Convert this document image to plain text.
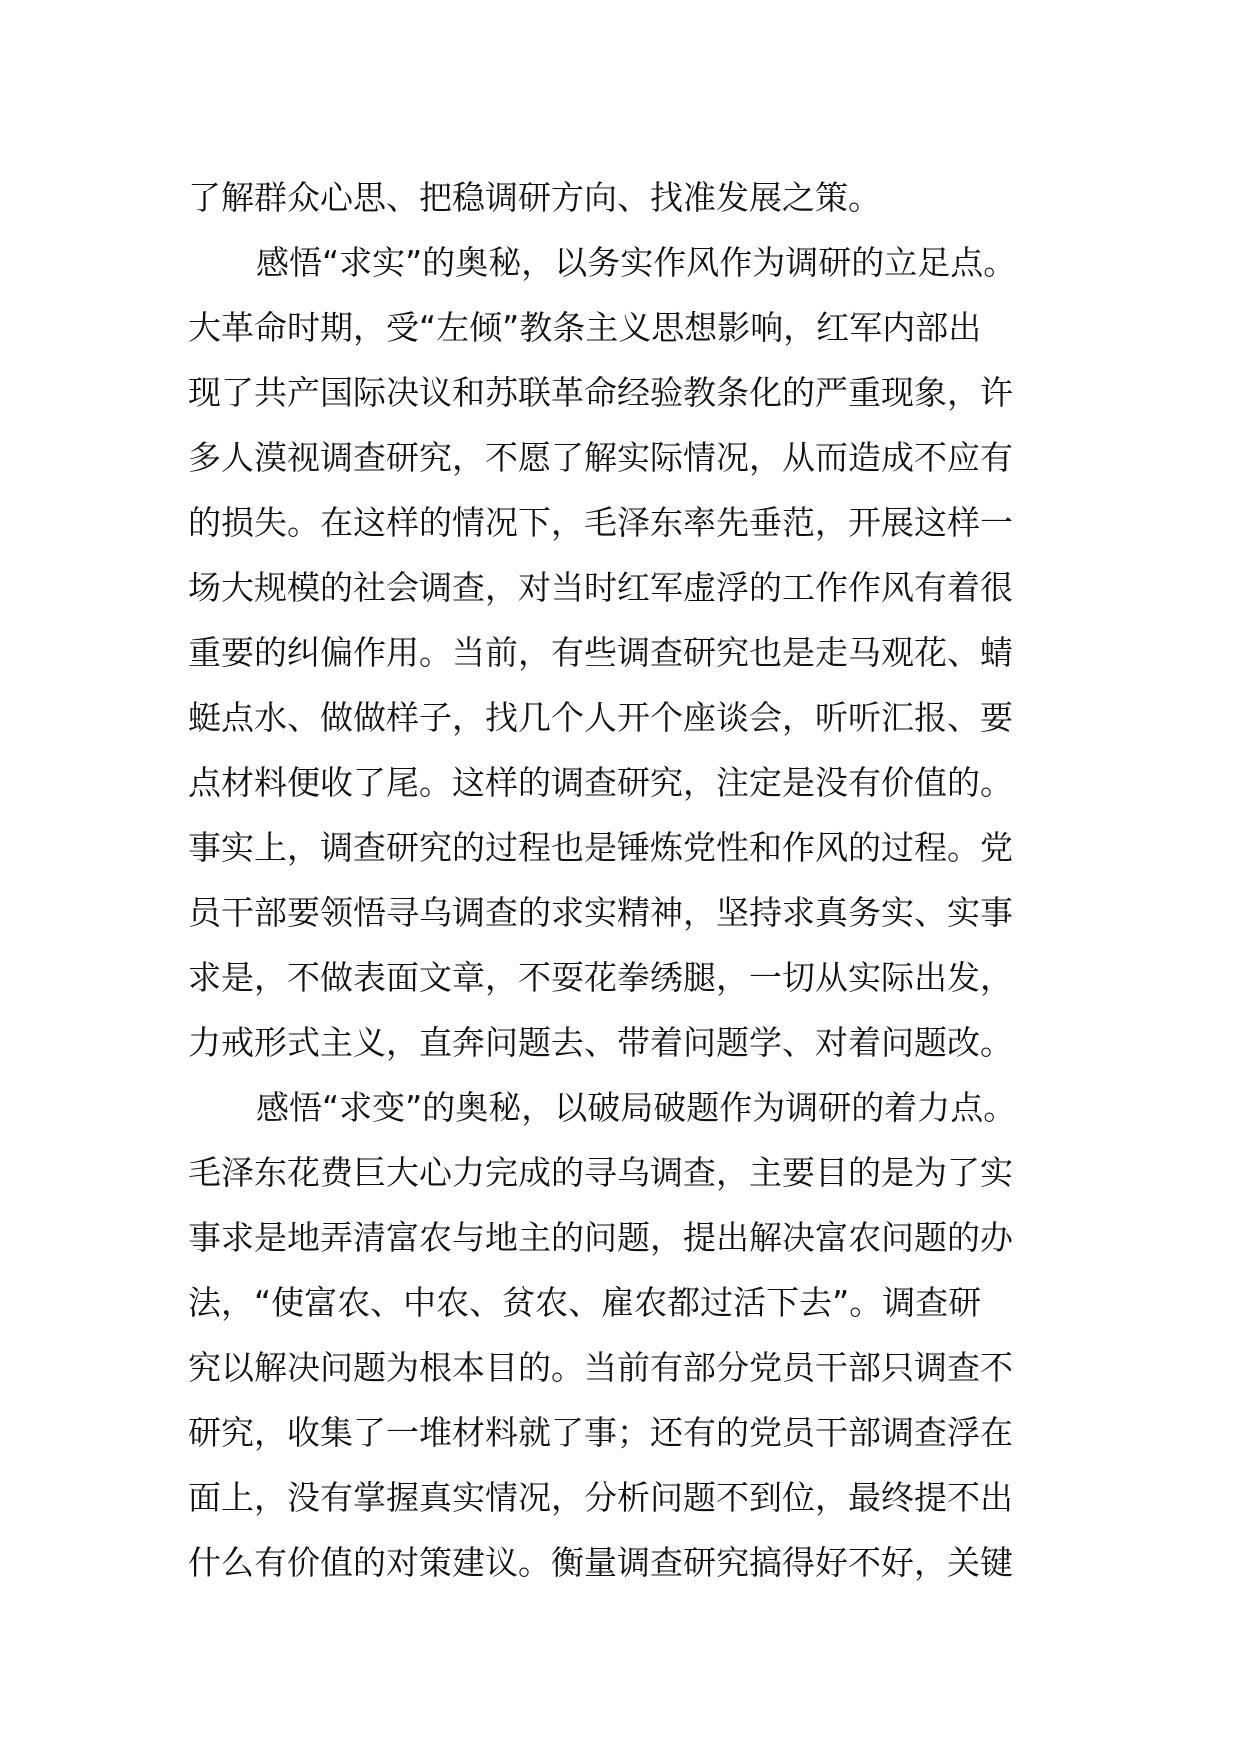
了解群众心思、把稳调研方向、找准发展之策。
感悟“求实”的奥秘，以务实作风作为调研的立足点。
大革命时期，受“左倾”教条主义思想影响，红军内部出
现了共产国际决议和苏联革命经验教条化的严重现象，许
多人漠视调查研究，不愿了解实际情况，从而造成不应有
的损失。在这样的情况下，毛泽东率先垂范，开展这样一
场大规模的社会调查，对当时红军虚浮的工作作风有着很
重要的纠偏作用。当前，有些调查研究也是走马观花、蜻
蜓点水、做做样子，找几个人开个座谈会，听听汇报、要
点材料便收了尾。这样的调查研究，注定是没有价值的。
事实上，调查研究的过程也是锤炼党性和作风的过程。党
员干部要领悟寻乌调查的求实精神，坚持求真务实、实事
求是，不做表面文章，不耍花拳绣腿，一切从实际出发，
力戒形式主义，直奔问题去、带着问题学、对着问题改。
感悟“求变”的奥秘，以破局破题作为调研的着力点。
毛泽东花费巨大心力完成的寻乌调查，主要目的是为了实
事求是地弄清富农与地主的问题，提出解决富农问题的办
法，“使富农、中农、贫农、雇农都过活下去”。调查研
究以解决问题为根本目的。当前有部分党员干部只调查不
研究，收集了一堆材料就了事；还有的党员干部调查浮在
面上，没有掌握真实情况，分析问题不到位，最终提不出
什么有价值的对策建议。衡量调查研究搞得好不好，关键
